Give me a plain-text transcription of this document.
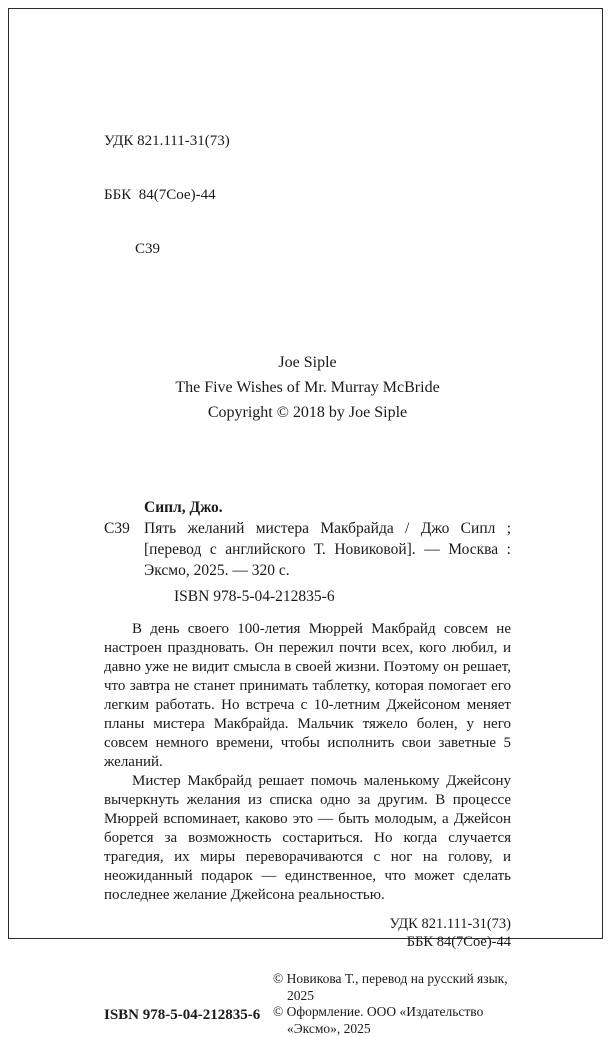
УДК 821.111-31(73)

ББК  84(7Сое)-44

С39

Joe Siple
The Five Wishes of Mr. Murray McBride
Copyright © 2018 by Joe Siple
Сипл, Джо.
С39 Пять желаний мистера Макбрайда / Джо Сипл ; [перевод с английского Т. Новиковой]. — Москва : Эксмо, 2025. — 320 с.
ISBN 978-5-04-212835-6

В день своего 100-летия Мюррей Макбрайд совсем не настроен праздновать. Он пережил почти всех, кого любил, и давно уже не видит смысла в своей жизни. Поэтому он решает, что завтра не станет принимать таблетку, которая помогает его легким работать. Но встреча с 10-летним Джейсоном меняет планы мистера Макбрайда. Мальчик тяжело болен, у него совсем немного времени, чтобы исполнить свои заветные 5 желаний.

Мистер Макбрайд решает помочь маленькому Джейсону вычеркнуть желания из списка одно за другим. В процессе Мюррей вспоминает, каково это — быть молодым, а Джейсон борется за возможность состариться. Но когда случается трагедия, их миры переворачиваются с ног на голову, и неожиданный подарок — единственное, что может сделать последнее желание Джейсона реальностью.

УДК 821.111-31(73)
ББК 84(7Сое)-44
ISBN 978-5-04-212835-6
© Новикова Т., перевод на русский язык, 2025
© Оформление. ООО «Издательство «Эксмо», 2025
